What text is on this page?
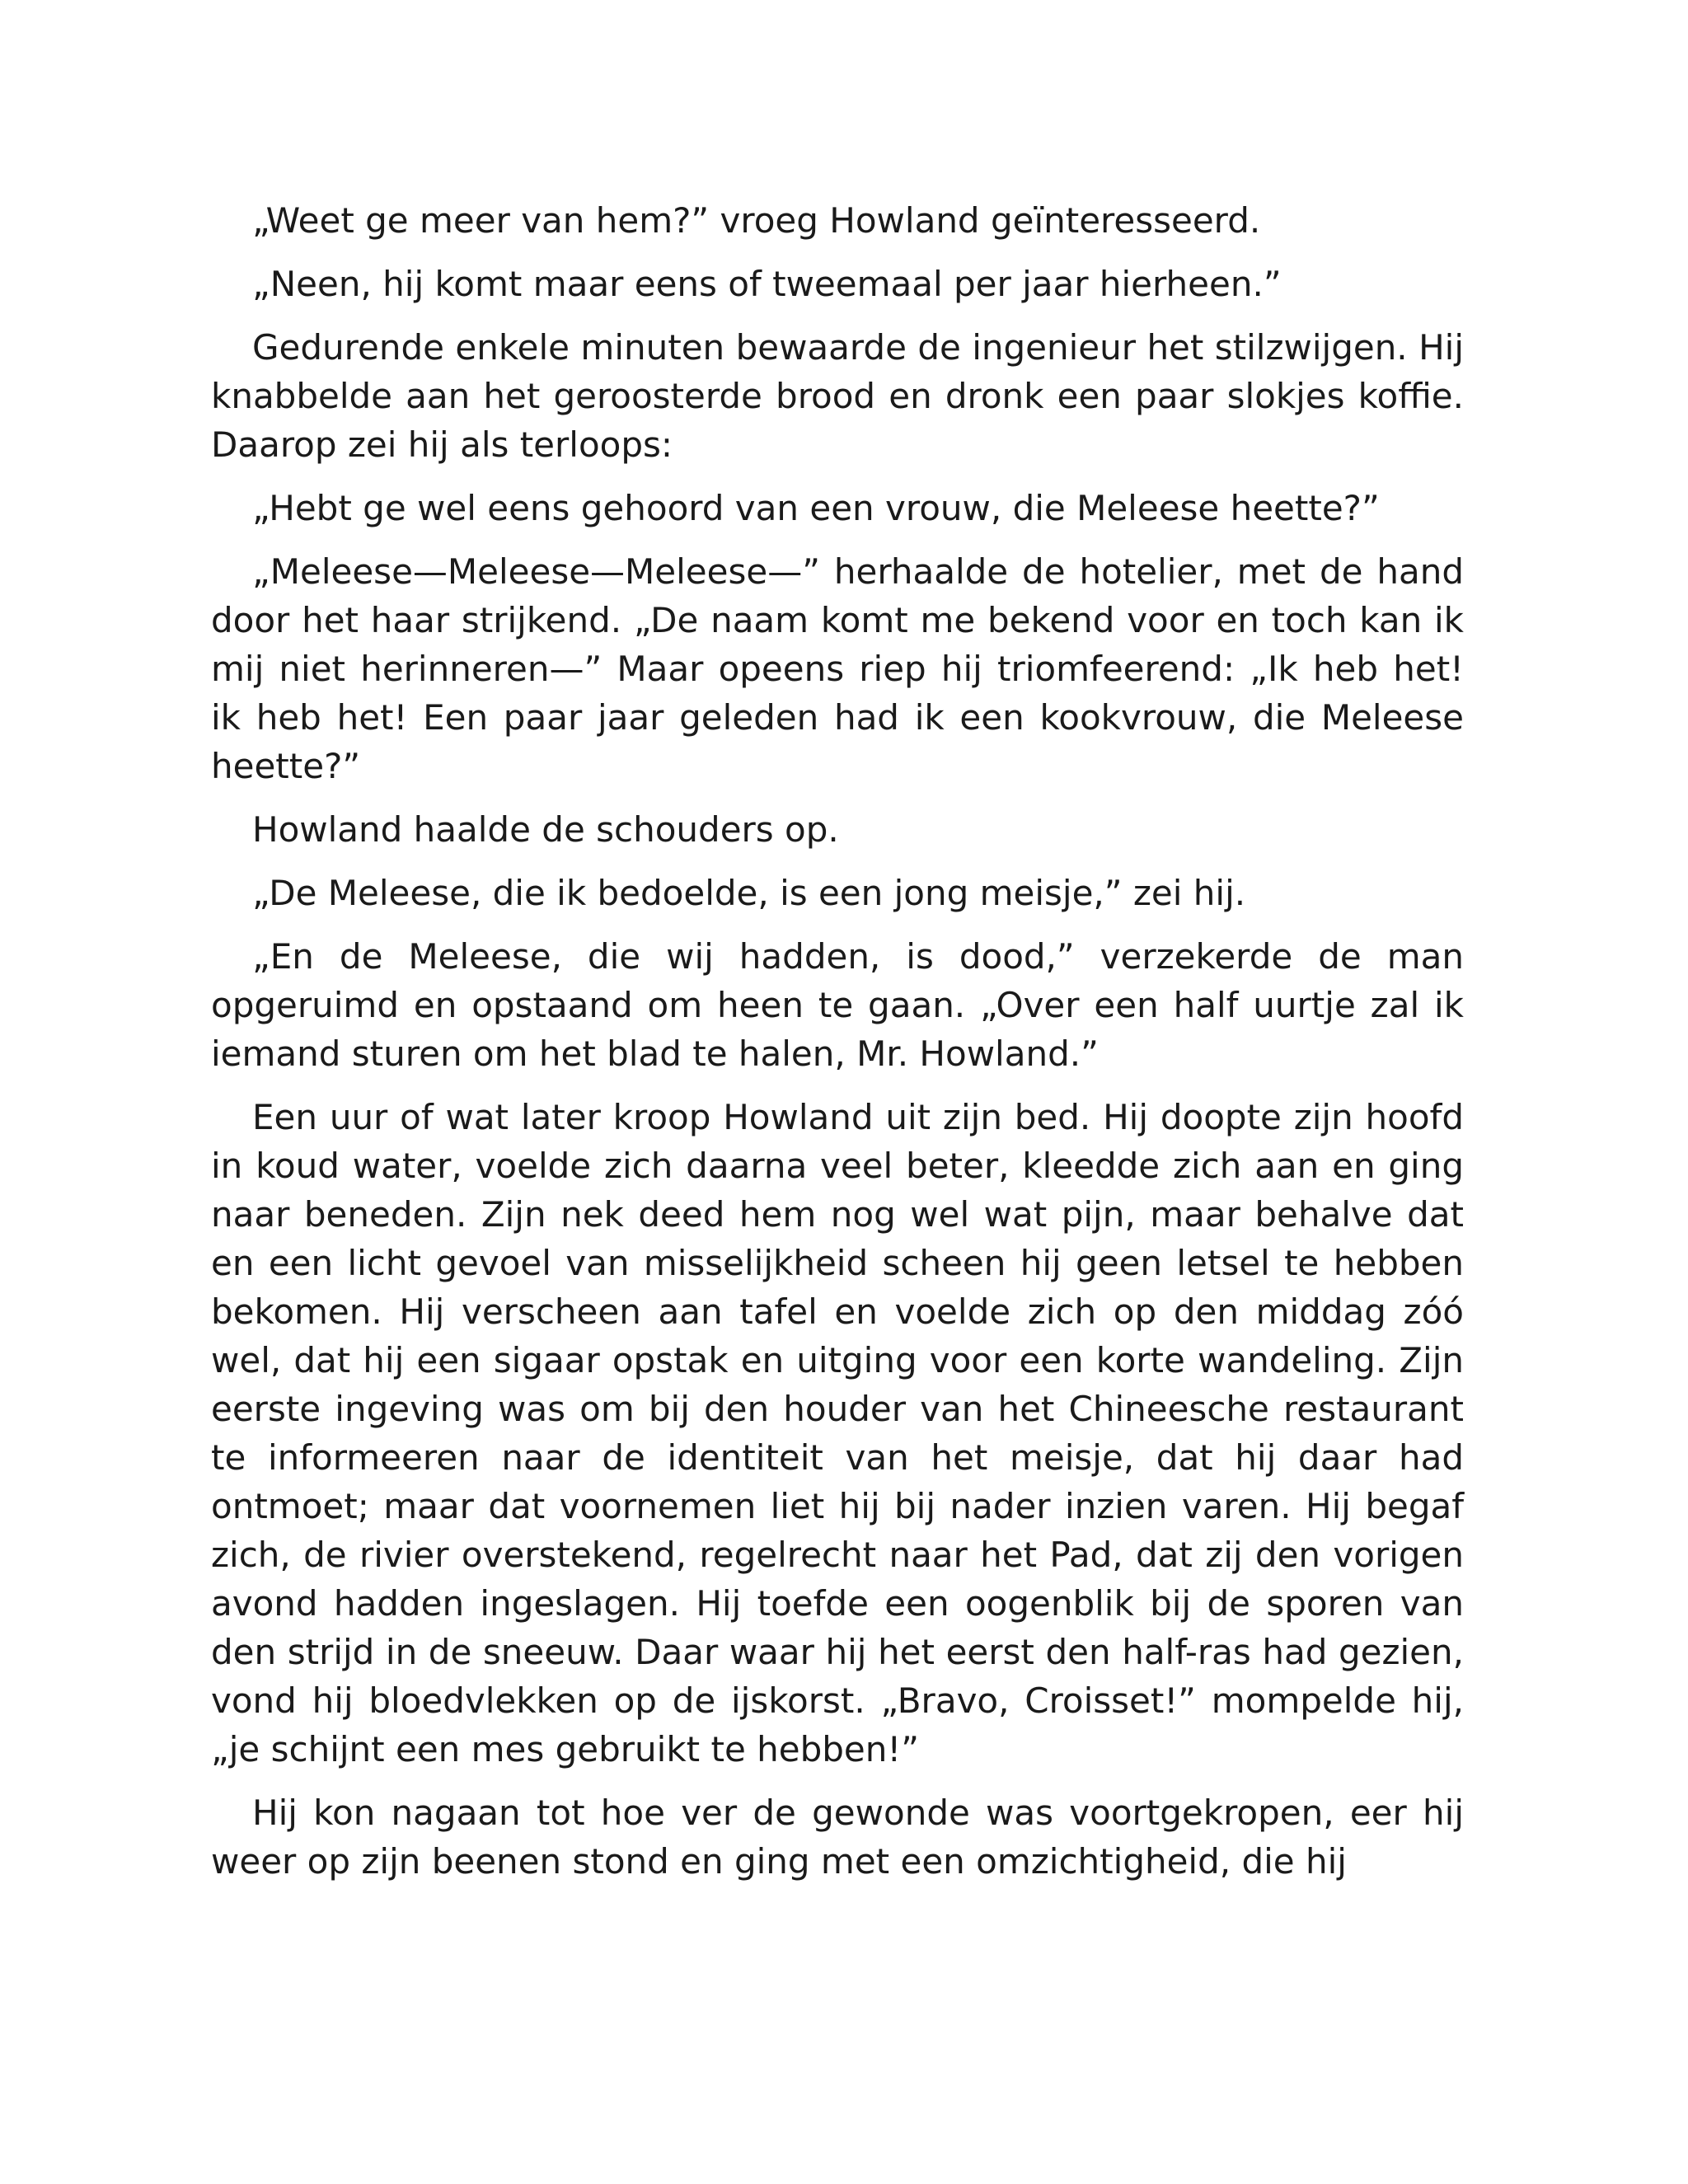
„Weet ge meer van hem?” vroeg Howland geïnteresseerd.

„Neen, hij komt maar eens of tweemaal per jaar hierheen.”

Gedurende enkele minuten bewaarde de ingenieur het stilzwijgen. Hij knabbelde aan het geroosterde brood en dronk een paar slokjes koffie. Daarop zei hij als terloops:

„Hebt ge wel eens gehoord van een vrouw, die Meleese heette?”

„Meleese—Meleese—Meleese—” herhaalde de hotelier, met de hand door het haar strijkend. „De naam komt me bekend voor en toch kan ik mij niet herinneren—” Maar opeens riep hij triomfeerend: „Ik heb het! ik heb het! Een paar jaar geleden had ik een kookvrouw, die Meleese heette?”

Howland haalde de schouders op.

„De Meleese, die ik bedoelde, is een jong meisje,” zei hij.

„En de Meleese, die wij hadden, is dood,” verzekerde de man opgeruimd en opstaand om heen te gaan. „Over een half uurtje zal ik iemand sturen om het blad te halen, Mr. Howland.”

Een uur of wat later kroop Howland uit zijn bed. Hij doopte zijn hoofd in koud water, voelde zich daarna veel beter, kleedde zich aan en ging naar beneden. Zijn nek deed hem nog wel wat pijn, maar behalve dat en een licht gevoel van misselijkheid scheen hij geen letsel te hebben bekomen. Hij verscheen aan tafel en voelde zich op den middag zóó wel, dat hij een sigaar opstak en uitging voor een korte wandeling. Zijn eerste ingeving was om bij den houder van het Chineesche restaurant te informeeren naar de identiteit van het meisje, dat hij daar had ontmoet; maar dat voornemen liet hij bij nader inzien varen. Hij begaf zich, de rivier overstekend, regelrecht naar het Pad, dat zij den vorigen avond hadden ingeslagen. Hij toefde een oogenblik bij de sporen van den strijd in de sneeuw. Daar waar hij het eerst den half-ras had gezien, vond hij bloedvlekken op de ijskorst. „Bravo, Croisset!” mompelde hij, „je schijnt een mes gebruikt te hebben!”

Hij kon nagaan tot hoe ver de gewonde was voortgekropen, eer hij weer op zijn beenen stond en ging met een omzichtigheid, die hij
